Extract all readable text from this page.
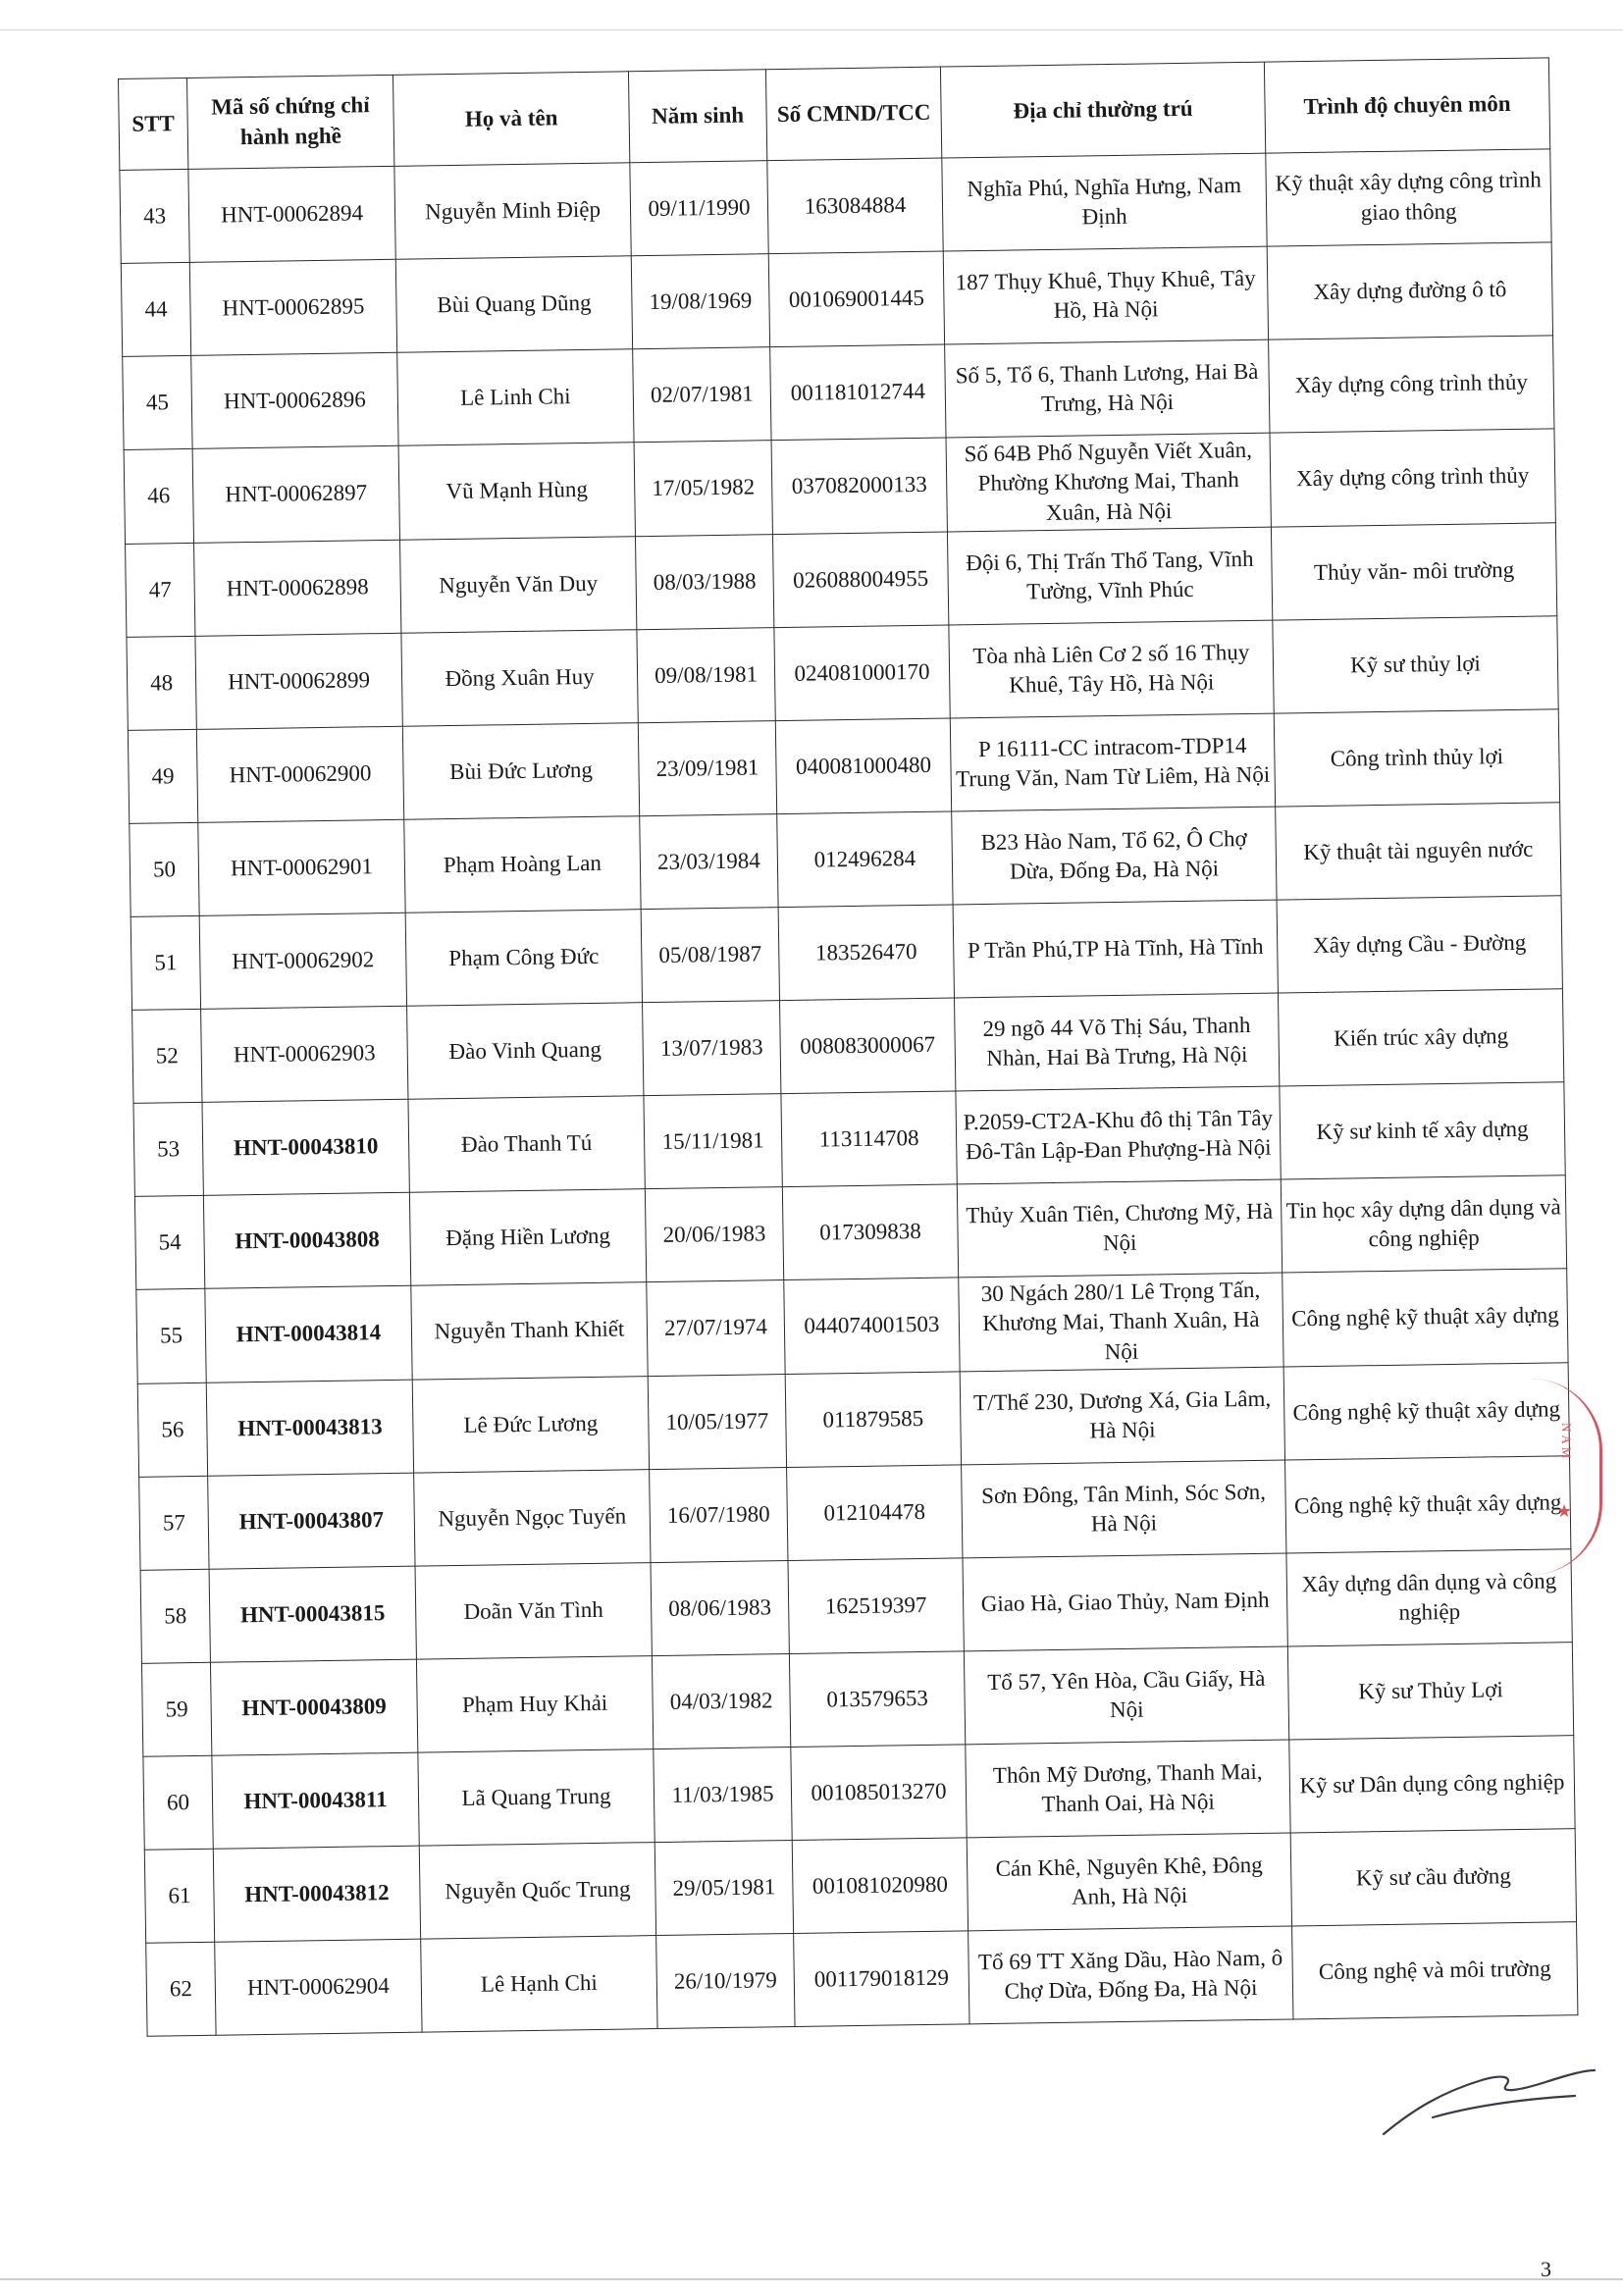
STT	Mã số chứng chỉ hành nghề	Họ và tên	Năm sinh	Số CMND/TCC	Địa chỉ thường trú	Trình độ chuyên môn
43	HNT-00062894	Nguyễn Minh Điệp	09/11/1990	163084884	Nghĩa Phú, Nghĩa Hưng, Nam Định	Kỹ thuật xây dựng công trình giao thông
44	HNT-00062895	Bùi Quang Dũng	19/08/1969	001069001445	187 Thụy Khuê, Thụy Khuê, Tây Hồ, Hà Nội	Xây dựng đường ô tô
45	HNT-00062896	Lê Linh Chi	02/07/1981	001181012744	Số 5, Tổ 6, Thanh Lương, Hai Bà Trưng, Hà Nội	Xây dựng công trình thủy
46	HNT-00062897	Vũ Mạnh Hùng	17/05/1982	037082000133	Số 64B Phố Nguyễn Viết Xuân, Phường Khương Mai, Thanh Xuân, Hà Nội	Xây dựng công trình thủy
47	HNT-00062898	Nguyễn Văn Duy	08/03/1988	026088004955	Đội 6, Thị Trấn Thổ Tang, Vĩnh Tường, Vĩnh Phúc	Thủy văn- môi trường
48	HNT-00062899	Đồng Xuân Huy	09/08/1981	024081000170	Tòa nhà Liên Cơ 2 số 16 Thụy Khuê, Tây Hồ, Hà Nội	Kỹ sư thủy lợi
49	HNT-00062900	Bùi Đức Lương	23/09/1981	040081000480	P 16111-CC intracom-TDP14 Trung Văn, Nam Từ Liêm, Hà Nội	Công trình thủy lợi
50	HNT-00062901	Phạm Hoàng Lan	23/03/1984	012496284	B23 Hào Nam, Tổ 62, Ô Chợ Dừa, Đống Đa, Hà Nội	Kỹ thuật tài nguyên nước
51	HNT-00062902	Phạm Công Đức	05/08/1987	183526470	P Trần Phú,TP Hà Tĩnh, Hà Tĩnh	Xây dựng Cầu - Đường
52	HNT-00062903	Đào Vinh Quang	13/07/1983	008083000067	29 ngõ 44 Võ Thị Sáu, Thanh Nhàn, Hai Bà Trưng, Hà Nội	Kiến trúc xây dựng
53	HNT-00043810	Đào Thanh Tú	15/11/1981	113114708	P.2059-CT2A-Khu đô thị Tân Tây Đô-Tân Lập-Đan Phượng-Hà Nội	Kỹ sư kinh tế xây dựng
54	HNT-00043808	Đặng Hiền Lương	20/06/1983	017309838	Thủy Xuân Tiên, Chương Mỹ, Hà Nội	Tin học xây dựng dân dụng và công nghiệp
55	HNT-00043814	Nguyễn Thanh Khiết	27/07/1974	044074001503	30 Ngách 280/1 Lê Trọng Tấn, Khương Mai, Thanh Xuân, Hà Nội	Công nghệ kỹ thuật xây dựng
56	HNT-00043813	Lê Đức Lương	10/05/1977	011879585	T/Thể 230, Dương Xá, Gia Lâm, Hà Nội	Công nghệ kỹ thuật xây dựng
57	HNT-00043807	Nguyễn Ngọc Tuyến	16/07/1980	012104478	Sơn Đông, Tân Minh, Sóc Sơn, Hà Nội	Công nghệ kỹ thuật xây dựng
58	HNT-00043815	Doãn Văn Tình	08/06/1983	162519397	Giao Hà, Giao Thủy, Nam Định	Xây dựng dân dụng và công nghiệp
59	HNT-00043809	Phạm Huy Khải	04/03/1982	013579653	Tổ 57, Yên Hòa, Cầu Giấy, Hà Nội	Kỹ sư Thủy Lợi
60	HNT-00043811	Lã Quang Trung	11/03/1985	001085013270	Thôn Mỹ Dương, Thanh Mai, Thanh Oai, Hà Nội	Kỹ sư Dân dụng công nghiệp
61	HNT-00043812	Nguyễn Quốc Trung	29/05/1981	001081020980	Cán Khê, Nguyên Khê, Đông Anh, Hà Nội	Kỹ sư cầu đường
62	HNT-00062904	Lê Hạnh Chi	26/10/1979	001179018129	Tổ 69 TT Xăng Dầu, Hào Nam, ô Chợ Dừa, Đống Đa, Hà Nội	Công nghệ và môi trường
NAM
★
3
